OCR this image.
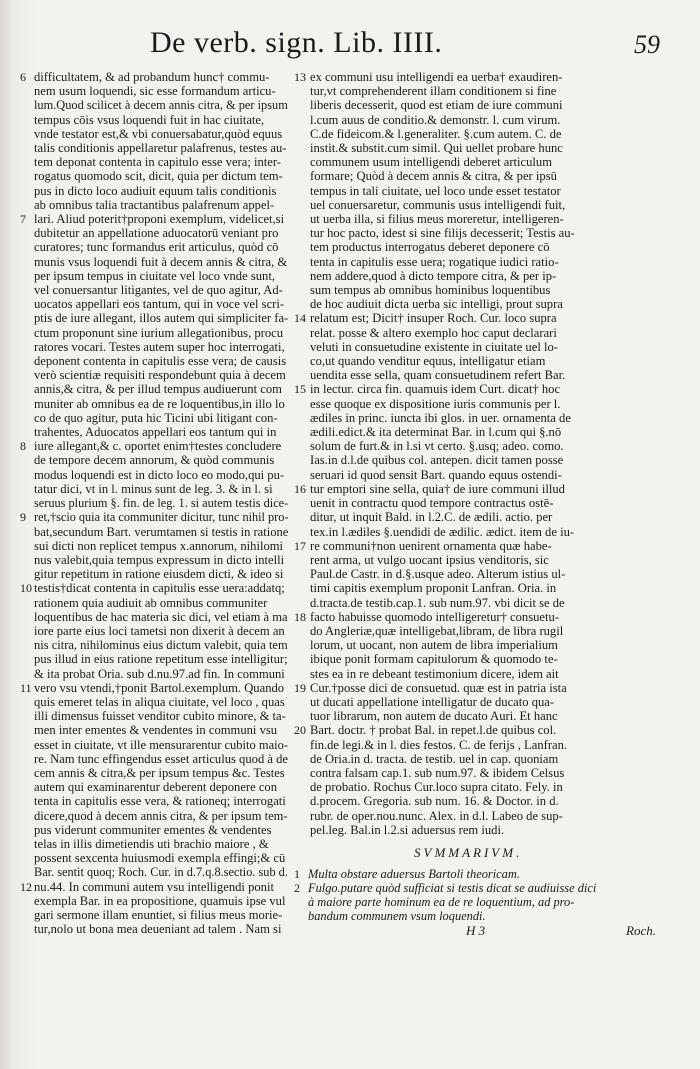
De verb. sign. Lib. IIII.	59
6 difficultatem, & ad probandum hunc† commu-
nem usum loquendi, sic esse formandum articu-
lum.Quod scilicet à decem annis citra, & per ipsum
tempus cōis vsus loquendi fuit in hac ciuitate,
vnde testator est,& vbi conuersabatur,quòd equus
talis conditionis appellaretur palafrenus, testes au-
tem deponat contenta in capitulo esse vera; inter-
rogatus quomodo scit, dicit, quia per dictum tem-
pus in dicto loco audiuit equum talis conditionis
ab omnibus talia tractantibus palafrenum appel-
7 lari. Aliud poterit†proponi exemplum, videlicet,si
dubitetur an appellatione aduocatorū veniant pro
curatores; tunc formandus erit articulus, quòd cō
munis vsus loquendi fuit à decem annis & citra, &
per ipsum tempus in ciuitate vel loco vnde sunt,
vel conuersantur litigantes, vel de quo agitur, Ad-
uocatos appellari eos tantum, qui in voce vel scri-
ptis de iure allegant, illos autem qui simpliciter fa-
ctum proponunt sine iurium allegationibus, procu
ratores vocari. Testes autem super hoc interrogati,
deponent contenta in capitulis esse vera; de causis
verò scientiæ requisiti respondebunt quia à decem
annis,& citra, & per illud tempus audiuerunt com
muniter ab omnibus ea de re loquentibus,in illo lo
co de quo agitur, puta hic Ticini ubi litigant con-
trahentes, Aduocatos appellari eos tantum qui in
8 iure allegant,& c. oportet enim†testes concludere
de tempore decem annorum, & quòd communis
modus loquendi est in dicto loco eo modo,qui pu-
tatur dici, vt in l. minus sunt de leg. 3. & in l. si
seruus plurium §. fin. de leg. 1. si autem testis dice-
9 ret,†scio quia ita communiter dicitur, tunc nihil pro-
bat,secundum Bart. verumtamen si testis in ratione
sui dicti non replicet tempus x.annorum, nihilomi
nus valebit,quia tempus expressum in dicto intelli
gitur repetitum in ratione eiusdem dicti, & ideo si
10 testis†dicat contenta in capitulis esse uera:addatq;
rationem quia audiuit ab omnibus communiter
loquentibus de hac materia sic dici, vel etiam à ma
iore parte eius loci tametsi non dixerit à decem an
nis citra, nihilominus eius dictum valebit, quia tem
pus illud in eius ratione repetitum esse intelligitur;
& ita probat Oria. sub d.nu.97.ad fin. In communi
11 vero vsu vtendi,†ponit Bartol.exemplum. Quando
quis emeret telas in aliqua ciuitate, vel loco , quas
illi dimensus fuisset venditor cubito minore, & ta-
men inter ementes & vendentes in communi vsu
esset in ciuitate, vt ille mensurarentur cubito maio-
re. Nam tunc effingendus esset articulus quod à de
cem annis & citra,& per ipsum tempus &c. Testes
autem qui examinarentur deberent deponere con
tenta in capitulis esse vera, & rationeq; interrogati
dicere,quod à decem annis citra, & per ipsum tem-
pus viderunt communiter ementes & vendentes
telas in illis dimetiendis uti brachio maiore , &
possent sexcenta huiusmodi exempla effingi;& cū
Bar. sentit quoq; Roch. Cur. in d.7.q.8.sectio. sub d.
12 nu.44. In communi autem vsu intelligendi ponit
exempla Bar. in ea propositione, quamuis ipse vul
gari sermone illam enuntiet, si filius meus morie-
tur,nolo ut bona mea deueniant ad talem . Nam si
13 ex communi usu intelligendi ea uerba† exaudiren-
tur,vt comprehenderent illam conditionem si fine
liberis decesserit, quod est etiam de iure communi
l.cum auus de conditio.& demonstr. l. cum virum.
C.de fideicom.& l.generaliter. §.cum autem. C. de
instit.& substit.cum simil. Qui uellet probare hunc
communem usum intelligendi deberet articulum
formare; Quòd à decem annis & citra, & per ipsū
tempus in tali ciuitate, uel loco unde esset testator
uel conuersaretur, communis usus intelligendi fuit,
ut uerba illa, si filius meus moreretur, intelligeren-
tur hoc pacto, idest si sine filijs decesserit; Testis au-
tem productus interrogatus deberet deponere cō
tenta in capitulis esse uera; rogatique iudici ratio-
nem addere,quod à dicto tempore citra, & per ip-
sum tempus ab omnibus hominibus loquentibus
de hoc audiuit dicta uerba sic intelligi, prout supra
14 relatum est; Dicit† insuper Roch. Cur. loco supra
relat. posse & altero exemplo hoc caput declarari
veluti in consuetudine existente in ciuitate uel lo-
co,ut quando venditur equus, intelligatur etiam
uendita esse sella, quam consuetudinem refert Bar.
15 in lectur. circa fin. quamuis idem Curt. dicat† hoc
esse quoque ex dispositione iuris communis per l.
ædiles in princ. iuncta ibi glos. in uer. ornamenta de
ædili.edict.& ita determinat Bar. in l.cum qui §.nō
solum de furt.& in l.si vt certo. §.usq; adeo. como.
Ias.in d.l.de quibus col. antepen. dicit tamen posse
seruari id quod sensit Bart. quando equus ostendi-
16 tur emptori sine sella, quia† de iure communi illud
uenit in contractu quod tempore contractus ostē-
ditur, ut inquit Bald. in l.2.C. de ædili. actio. per
tex.in l.ædiles §.uendidi de ædilic. ædict. item de iu-
17 re communi†non uenirent ornamenta quæ habe-
rent arma, ut vulgo uocant ipsius venditoris, sic
Paul.de Castr. in d.§.usque adeo. Alterum istius ul-
timi capitis exemplum proponit Lanfran. Oria. in
d.tracta.de testib.cap.1. sub num.97. vbi dicit se de
18 facto habuisse quomodo intelligeretur† consuetu-
do Angleriæ,quæ intelligebat,libram, de libra rugil
lorum, ut uocant, non autem de libra imperialium
ibique ponit formam capitulorum & quomodo te-
stes ea in re debeant testimonium dicere, idem ait
19 Cur.†posse dici de consuetud. quæ est in patria ista
ut ducati appellatione intelligatur de ducato qua-
tuor librarum, non autem de ducato Auri. Et hanc
20 Bart. doctr. † probat Bal. in repet.l.de quibus col.
fin.de legi.& in l. dies festos. C. de ferijs , Lanfran.
de Oria.in d. tracta. de testib. uel in cap. quoniam
contra falsam cap.1. sub num.97. & ibidem Celsus
de probatio. Rochus Cur.loco supra citato. Fely. in
d.procem. Gregoria. sub num. 16. & Doctor. in d.
rubr. de oper.nou.nunc. Alex. in d.l. Labeo de sup-
pel.leg. Bal.in l.2.si aduersus rem iudi.
SVMMARIVM.
1 Multa obstare aduersus Bartoli theoricam.
2 Fulgo.putare quòd sufficiat si testis dicat se audiuisse dici
à maiore parte hominum ea de re loquentium, ad pro-
bandum communem vsum loquendi.
H 3	Roch.
